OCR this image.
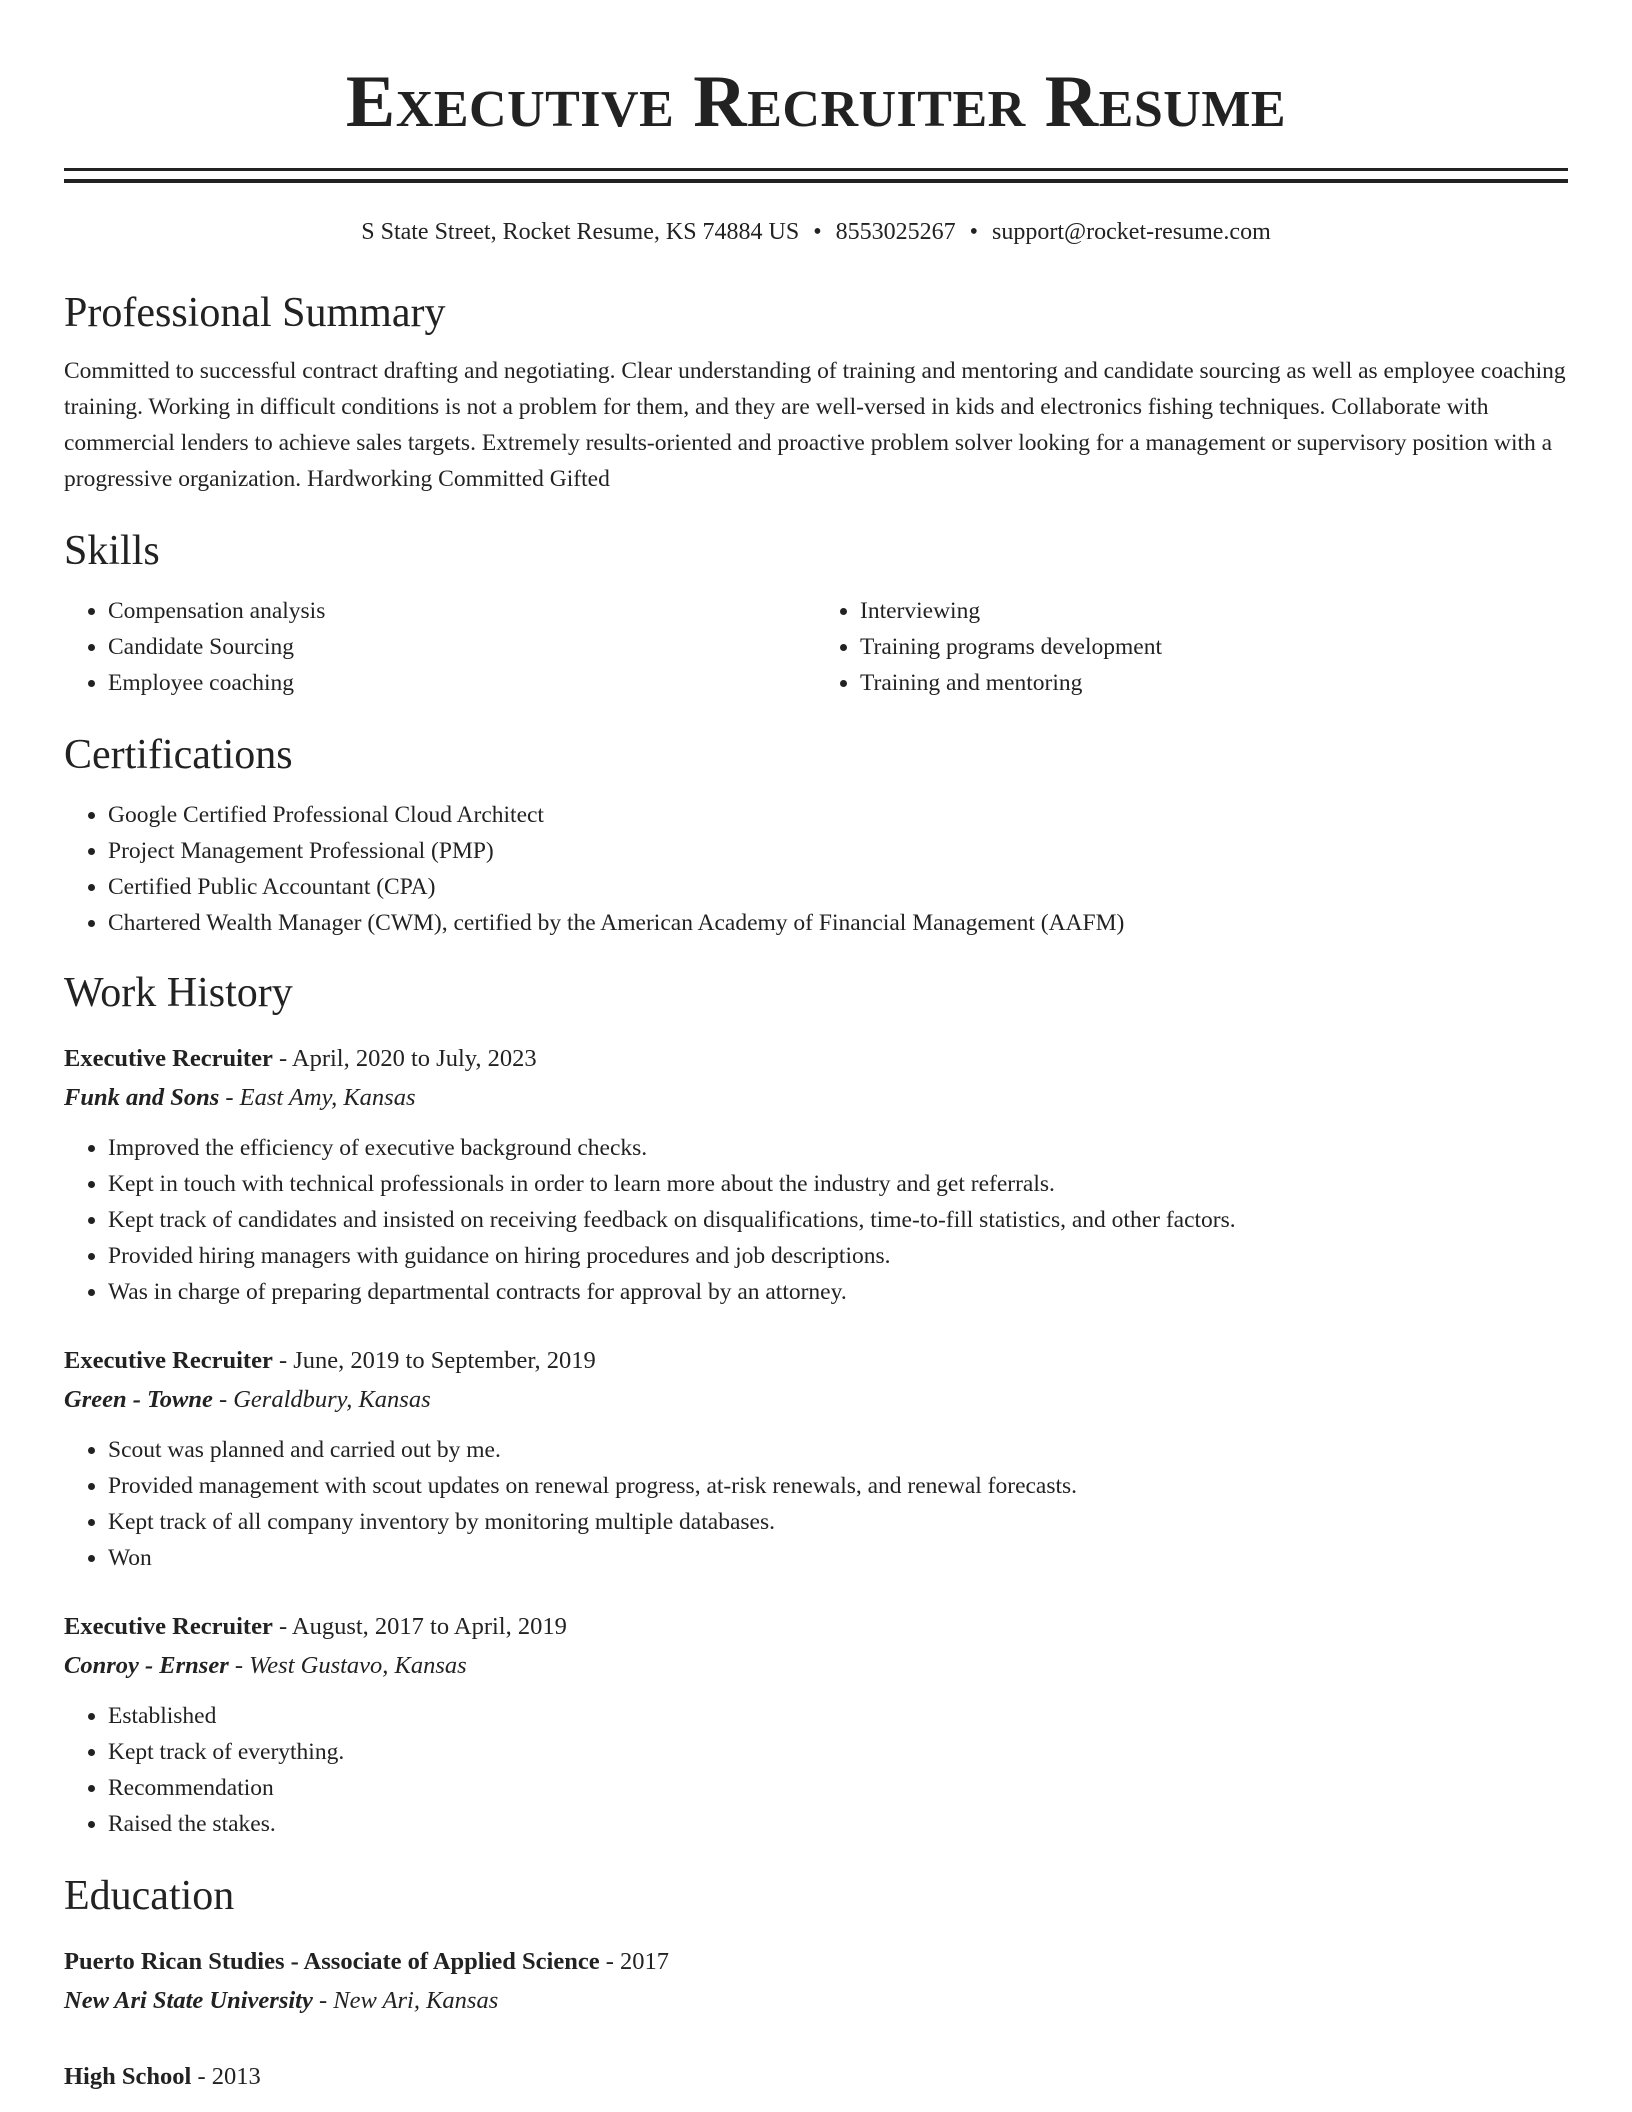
Executive Recruiter Resume
S State Street, Rocket Resume, KS 74884 US • 8553025267 • support@rocket-resume.com
Professional Summary

Committed to successful contract drafting and negotiating. Clear understanding of training and mentoring and candidate sourcing as well as employee coaching training. Working in difficult conditions is not a problem for them, and they are well-versed in kids and electronics fishing techniques. Collaborate with commercial lenders to achieve sales targets. Extremely results-oriented and proactive problem solver looking for a management or supervisory position with a progressive organization. Hardworking Committed Gifted

Skills
• Compensation analysis
• Candidate Sourcing
• Employee coaching
• Interviewing
• Training programs development
• Training and mentoring
Certifications
• Google Certified Professional Cloud Architect
• Project Management Professional (PMP)
• Certified Public Accountant (CPA)
• Chartered Wealth Manager (CWM), certified by the American Academy of Financial Management (AAFM)
Work History
Executive Recruiter - April, 2020 to July, 2023
Funk and Sons - East Amy, Kansas
• Improved the efficiency of executive background checks.
• Kept in touch with technical professionals in order to learn more about the industry and get referrals.
• Kept track of candidates and insisted on receiving feedback on disqualifications, time-to-fill statistics, and other factors.
• Provided hiring managers with guidance on hiring procedures and job descriptions.
• Was in charge of preparing departmental contracts for approval by an attorney.
Executive Recruiter - June, 2019 to September, 2019
Green - Towne - Geraldbury, Kansas
• Scout was planned and carried out by me.
• Provided management with scout updates on renewal progress, at-risk renewals, and renewal forecasts.
• Kept track of all company inventory by monitoring multiple databases.
• Won
Executive Recruiter - August, 2017 to April, 2019
Conroy - Ernser - West Gustavo, Kansas
• Established
• Kept track of everything.
• Recommendation
• Raised the stakes.
Education
Puerto Rican Studies - Associate of Applied Science - 2017
New Ari State University - New Ari, Kansas
High School - 2013
